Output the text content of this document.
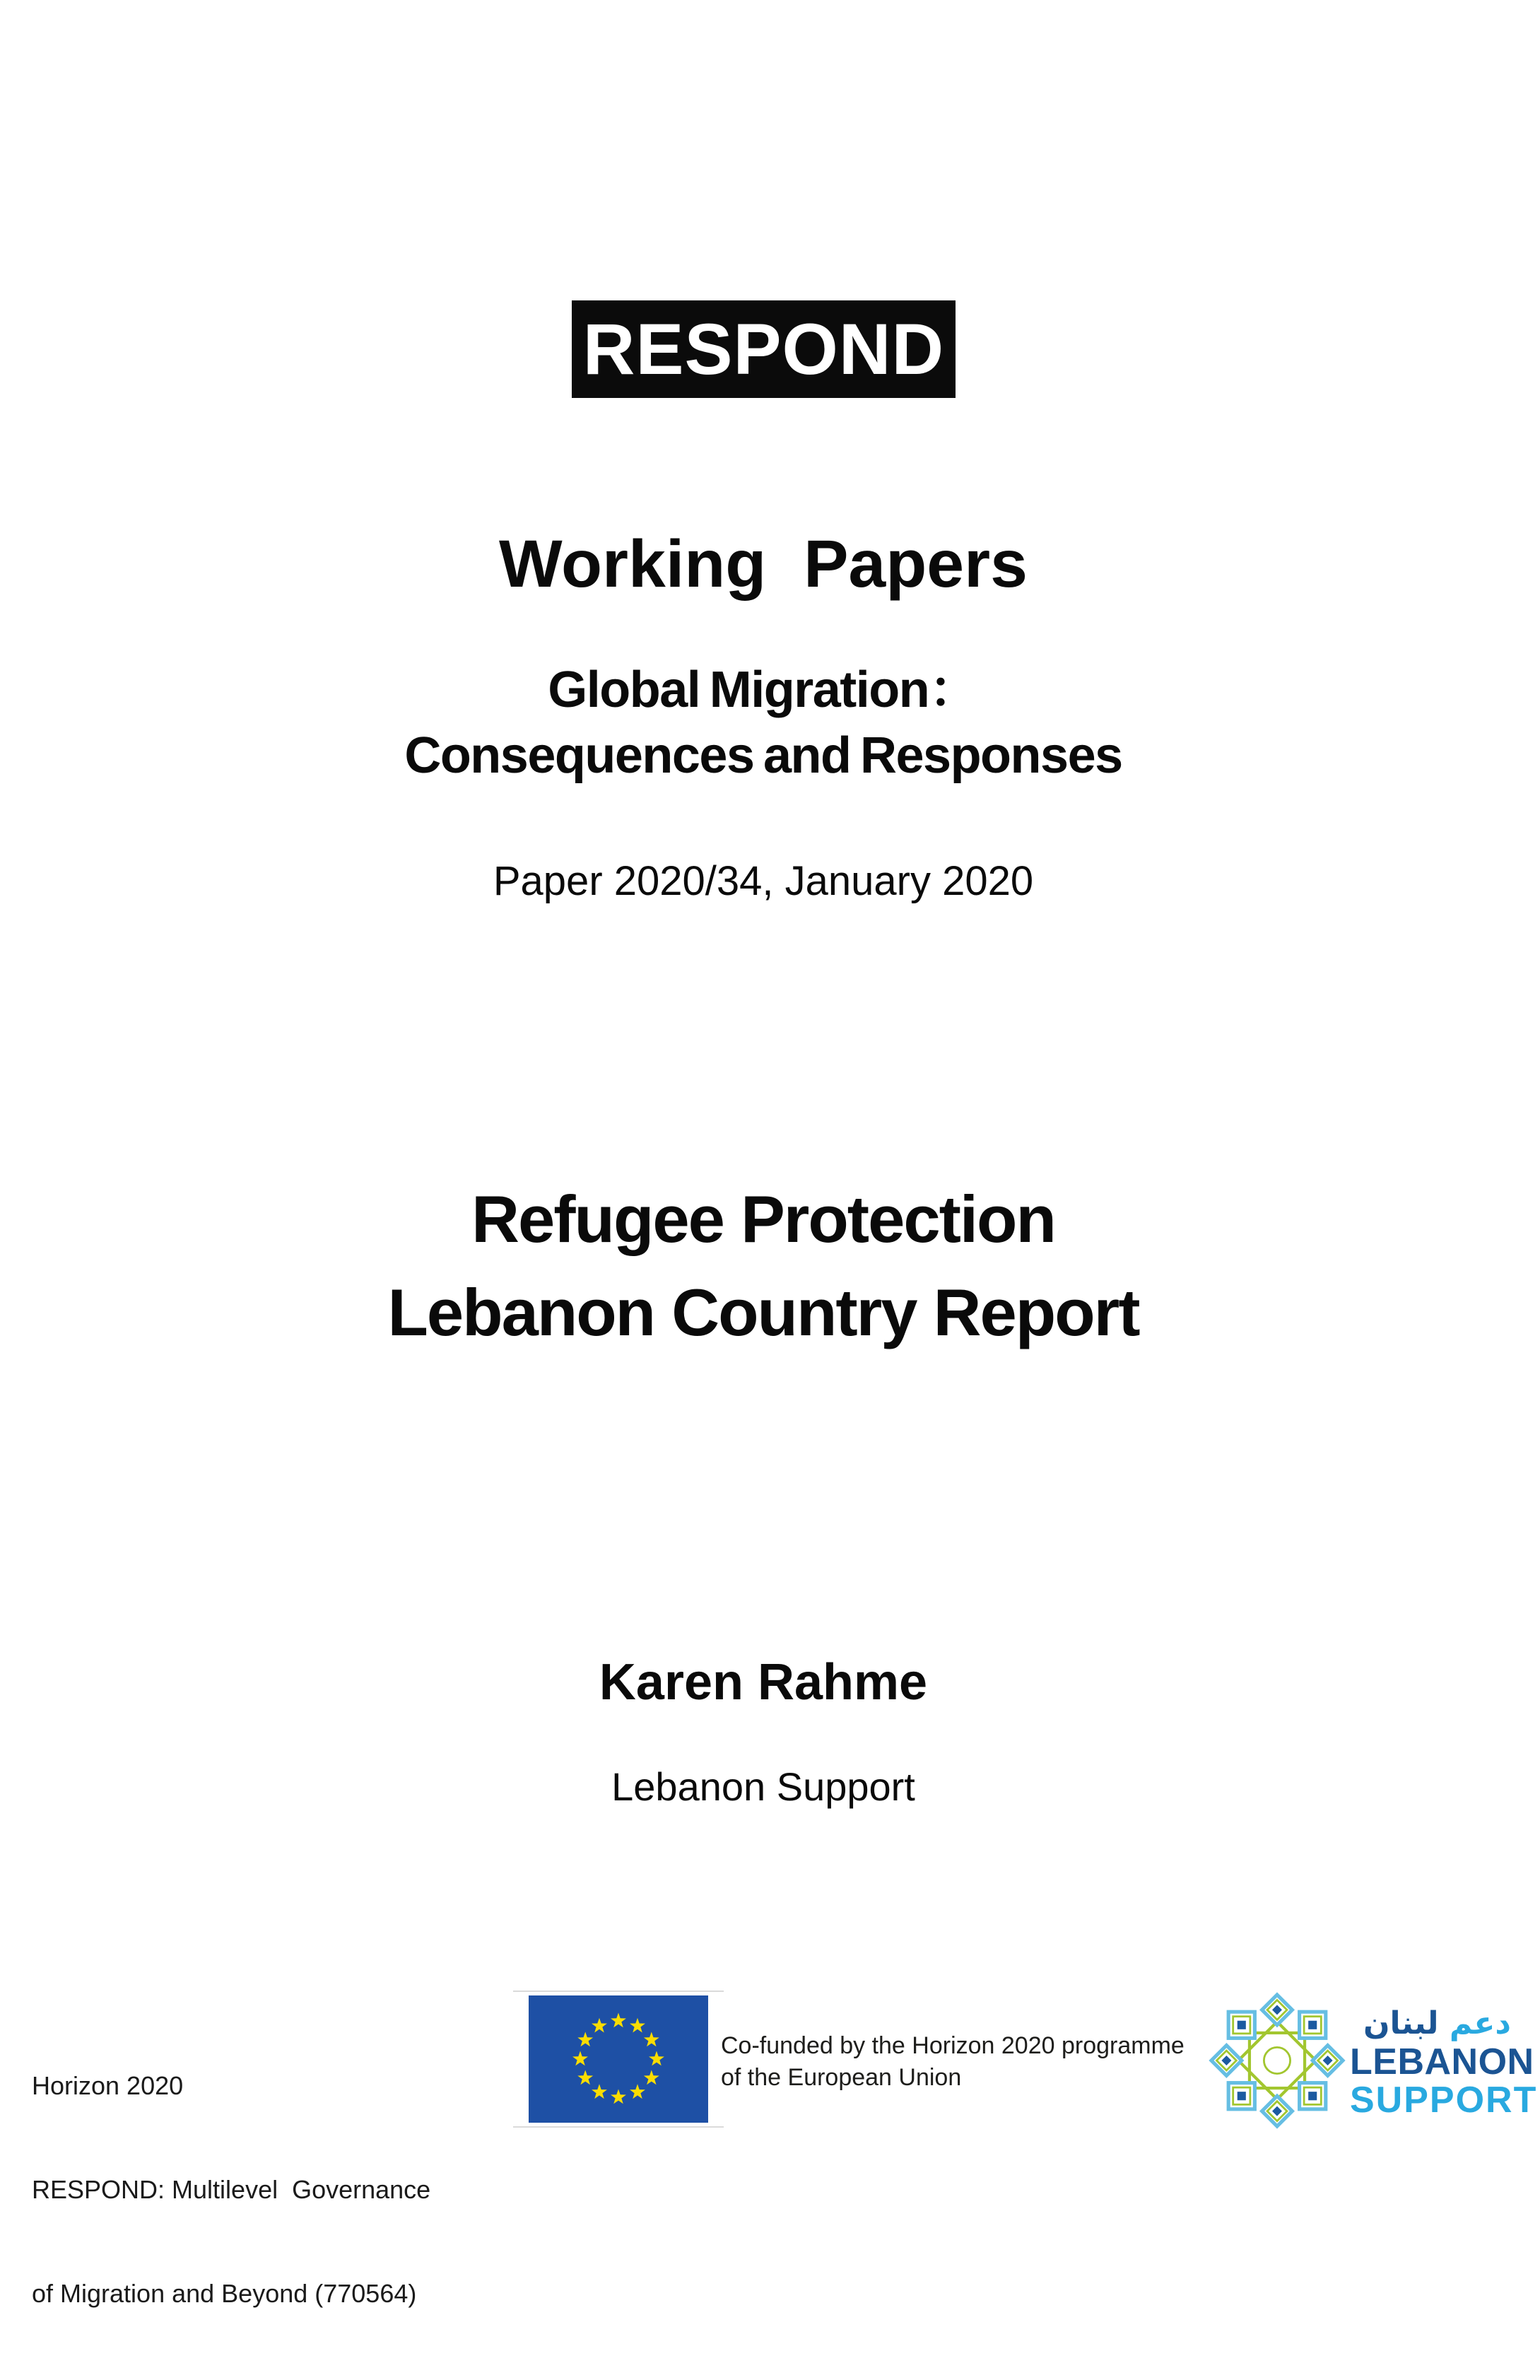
RESPOND
Working  Papers
Global Migration：
Consequences and Responses
Paper 2020/34, January 2020
Refugee Protection
Lebanon Country Report
Karen Rahme
Lebanon Support

Horizon 2020

RESPOND: Multilevel  Governance

of Migration and Beyond (770564)

Co-funded by the Horizon 2020 programme
of the European Union
دعم لبنان
LEBANON
SUPPORT
